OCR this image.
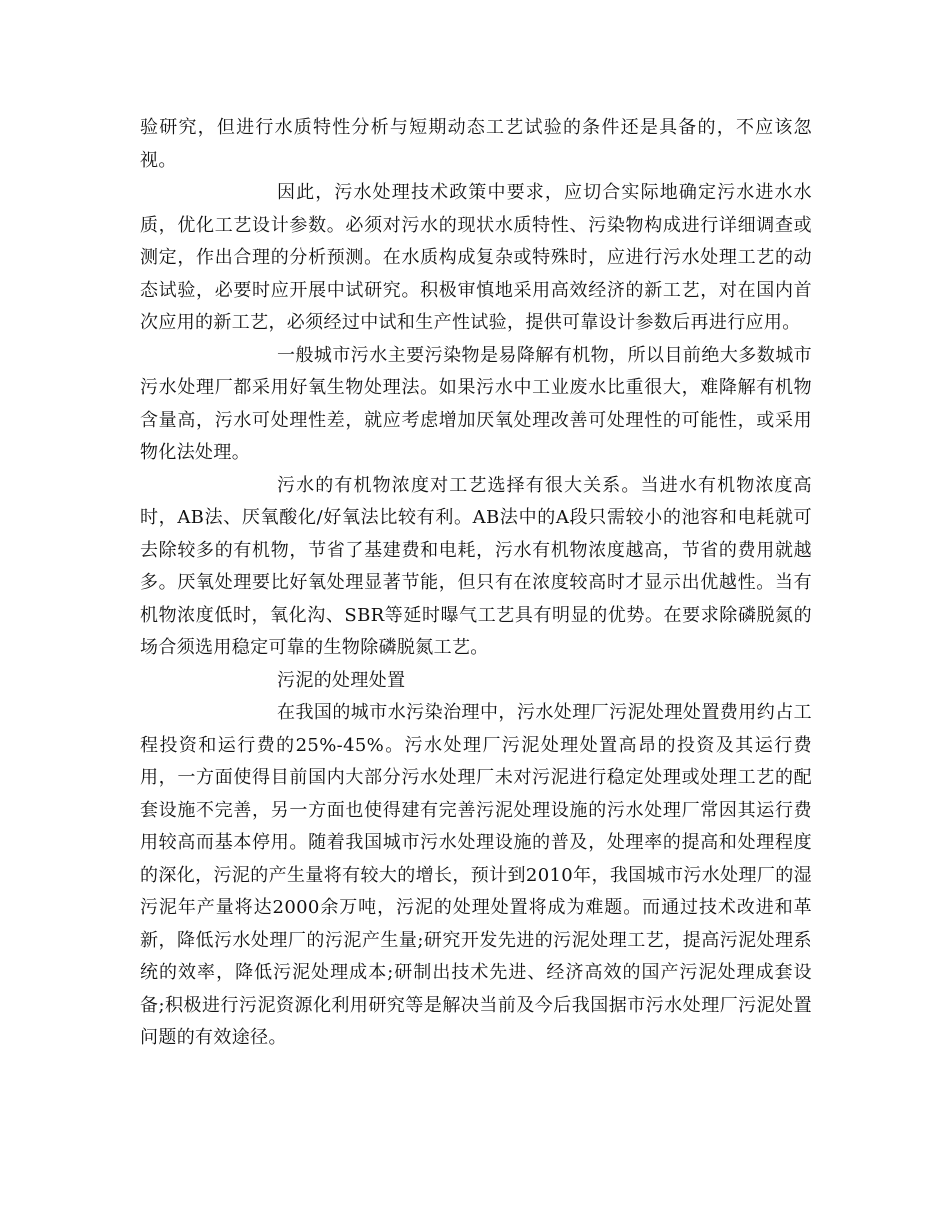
验研究，但进行水质特性分析与短期动态工艺试验的条件还是具备的，不应该忽视。

因此，污水处理技术政策中要求，应切合实际地确定污水进水水质，优化工艺设计参数。必须对污水的现状水质特性、污染物构成进行详细调查或测定，作出合理的分析预测。在水质构成复杂或特殊时，应进行污水处理工艺的动态试验，必要时应开展中试研究。积极审慎地采用高效经济的新工艺，对在国内首次应用的新工艺，必须经过中试和生产性试验，提供可靠设计参数后再进行应用。

一般城市污水主要污染物是易降解有机物，所以目前绝大多数城市污水处理厂都采用好氧生物处理法。如果污水中工业废水比重很大，难降解有机物含量高，污水可处理性差，就应考虑增加厌氧处理改善可处理性的可能性，或采用物化法处理。

污水的有机物浓度对工艺选择有很大关系。当进水有机物浓度高时，AB法、厌氧酸化/好氧法比较有利。AB法中的A段只需较小的池容和电耗就可去除较多的有机物，节省了基建费和电耗，污水有机物浓度越高，节省的费用就越多。厌氧处理要比好氧处理显著节能，但只有在浓度较高时才显示出优越性。当有机物浓度低时，氧化沟、SBR等延时曝气工艺具有明显的优势。在要求除磷脱氮的场合须选用稳定可靠的生物除磷脱氮工艺。

污泥的处理处置

在我国的城市水污染治理中，污水处理厂污泥处理处置费用约占工程投资和运行费的25%-45%。污水处理厂污泥处理处置高昂的投资及其运行费用，一方面使得目前国内大部分污水处理厂未对污泥进行稳定处理或处理工艺的配套设施不完善，另一方面也使得建有完善污泥处理设施的污水处理厂常因其运行费用较高而基本停用。随着我国城市污水处理设施的普及，处理率的提高和处理程度的深化，污泥的产生量将有较大的增长，预计到2010年，我国城市污水处理厂的湿污泥年产量将达2000余万吨，污泥的处理处置将成为难题。而通过技术改进和革新，降低污水处理厂的污泥产生量;研究开发先进的污泥处理工艺，提高污泥处理系统的效率，降低污泥处理成本;研制出技术先进、经济高效的国产污泥处理成套设备;积极进行污泥资源化利用研究等是解决当前及今后我国据市污水处理厂污泥处置问题的有效途径。
